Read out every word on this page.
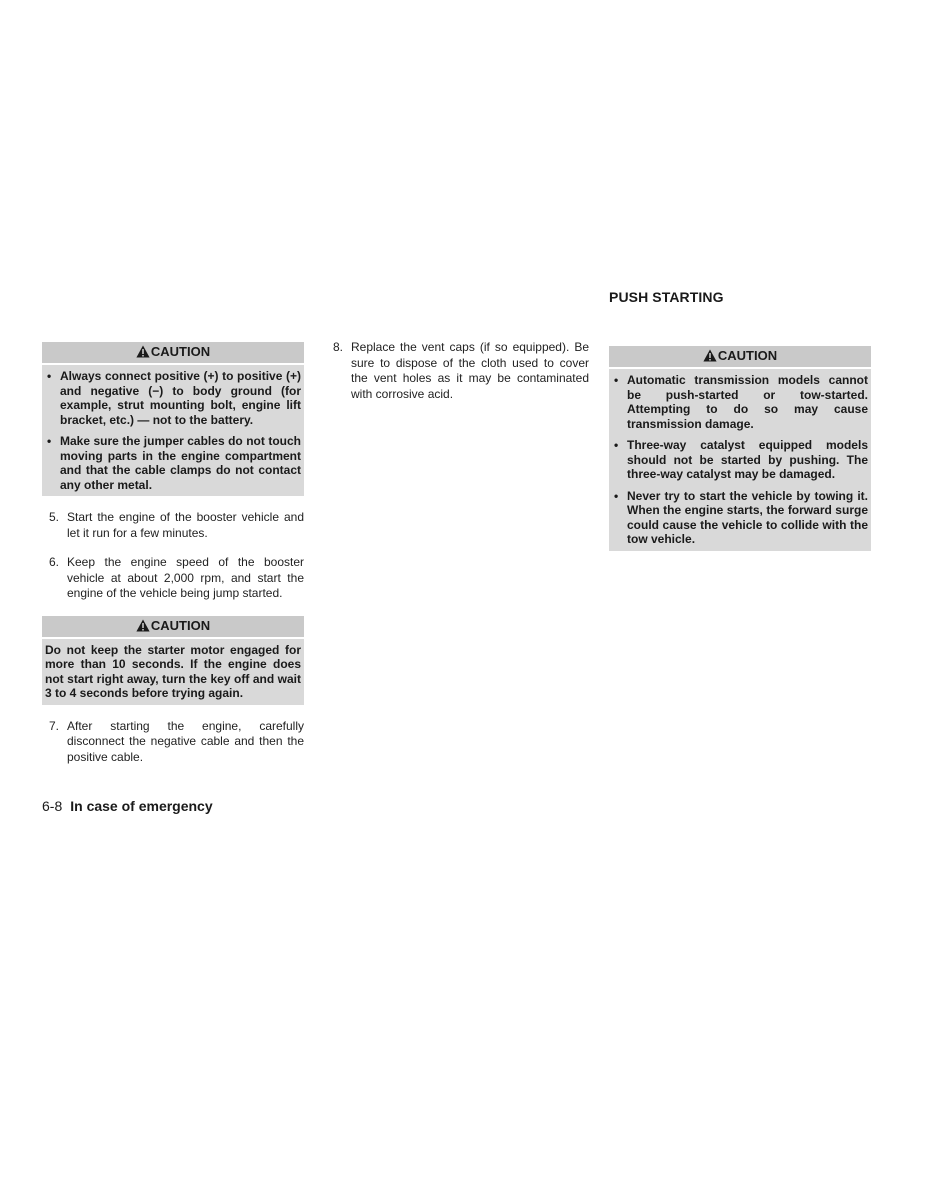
CAUTION
• Always connect positive (+) to positive (+) and negative (−) to body ground (for example, strut mounting bolt, engine lift bracket, etc.) — not to the battery.
• Make sure the jumper cables do not touch moving parts in the engine compartment and that the cable clamps do not contact any other metal.
5. Start the engine of the booster vehicle and let it run for a few minutes.
6. Keep the engine speed of the booster vehicle at about 2,000 rpm, and start the engine of the vehicle being jump started.
CAUTION
Do not keep the starter motor engaged for more than 10 seconds. If the engine does not start right away, turn the key off and wait 3 to 4 seconds before trying again.
7. After starting the engine, carefully disconnect the negative cable and then the positive cable.
8. Replace the vent caps (if so equipped). Be sure to dispose of the cloth used to cover the vent holes as it may be contaminated with corrosive acid.
PUSH STARTING
CAUTION
• Automatic transmission models cannot be push-started or tow-started. Attempting to do so may cause transmission damage.
• Three-way catalyst equipped models should not be started by pushing. The three-way catalyst may be damaged.
• Never try to start the vehicle by towing it. When the engine starts, the forward surge could cause the vehicle to collide with the tow vehicle.
6-8 In case of emergency
